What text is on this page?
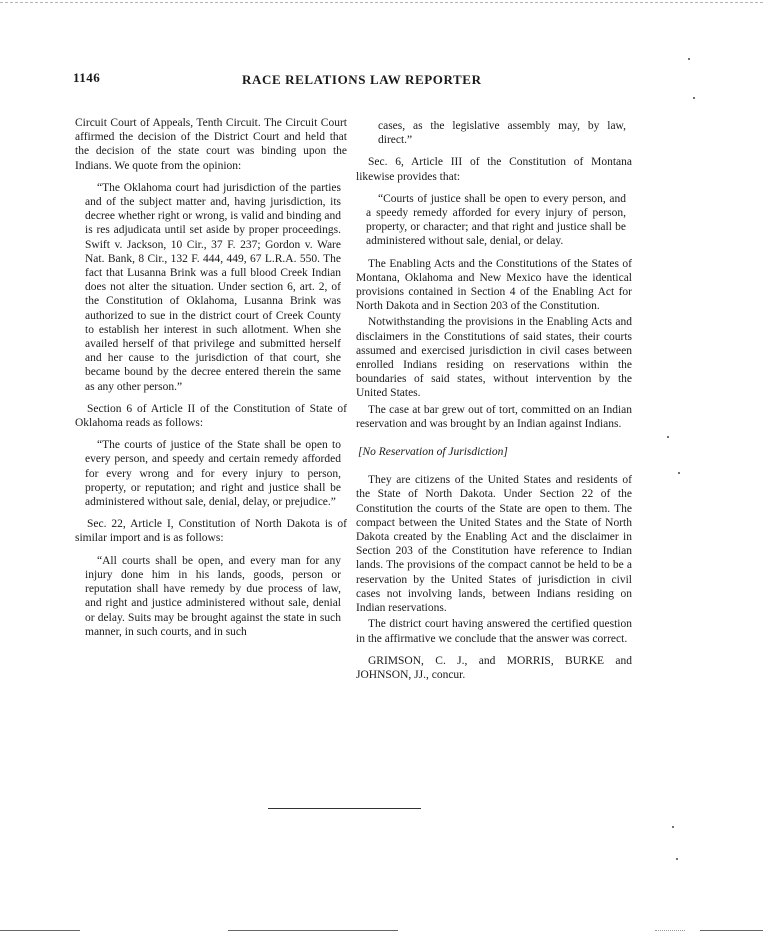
1146	RACE RELATIONS LAW REPORTER

Circuit Court of Appeals, Tenth Circuit. The Circuit Court affirmed the decision of the District Court and held that the decision of the state court was binding upon the Indians. We quote from the opinion:

“The Oklahoma court had jurisdiction of the parties and of the subject matter and, having jurisdiction, its decree whether right or wrong, is valid and binding and is res adjudicata until set aside by proper proceedings. Swift v. Jackson, 10 Cir., 37 F. 237; Gordon v. Ware Nat. Bank, 8 Cir., 132 F. 444, 449, 67 L.R.A. 550. The fact that Lusanna Brink was a full blood Creek Indian does not alter the situation. Under section 6, art. 2, of the Constitution of Oklahoma, Lusanna Brink was authorized to sue in the district court of Creek County to establish her interest in such allotment. When she availed herself of that privilege and submitted herself and her cause to the jurisdiction of that court, she became bound by the decree entered therein the same as any other person.”

Section 6 of Article II of the Constitution of State of Oklahoma reads as follows:

“The courts of justice of the State shall be open to every person, and speedy and certain remedy afforded for every wrong and for every injury to person, property, or reputation; and right and justice shall be administered without sale, denial, delay, or prejudice.”

Sec. 22, Article I, Constitution of North Dakota is of similar import and is as follows:

“All courts shall be open, and every man for any injury done him in his lands, goods, person or reputation shall have remedy by due process of law, and right and justice administered without sale, denial or delay. Suits may be brought against the state in such manner, in such courts, and in such

cases, as the legislative assembly may, by law, direct.”

Sec. 6, Article III of the Constitution of Montana likewise provides that:

“Courts of justice shall be open to every person, and a speedy remedy afforded for every injury of person, property, or character; and that right and justice shall be administered without sale, denial, or delay.

The Enabling Acts and the Constitutions of the States of Montana, Oklahoma and New Mexico have the identical provisions contained in Section 4 of the Enabling Act for North Dakota and in Section 203 of the Constitution.

Notwithstanding the provisions in the Enabling Acts and disclaimers in the Constitutions of said states, their courts assumed and exercised jurisdiction in civil cases between enrolled Indians residing on reservations within the boundaries of said states, without intervention by the United States.

The case at bar grew out of tort, committed on an Indian reservation and was brought by an Indian against Indians.

[No Reservation of Jurisdiction]

They are citizens of the United States and residents of the State of North Dakota. Under Section 22 of the Constitution the courts of the State are open to them. The compact between the United States and the State of North Dakota created by the Enabling Act and the disclaimer in Section 203 of the Constitution have reference to Indian lands. The provisions of the compact cannot be held to be a reservation by the United States of jurisdiction in civil cases not involving lands, between Indians residing on Indian reservations.

The district court having answered the certified question in the affirmative we conclude that the answer was correct.

GRIMSON, C. J., and MORRIS, BURKE and JOHNSON, JJ., concur.
